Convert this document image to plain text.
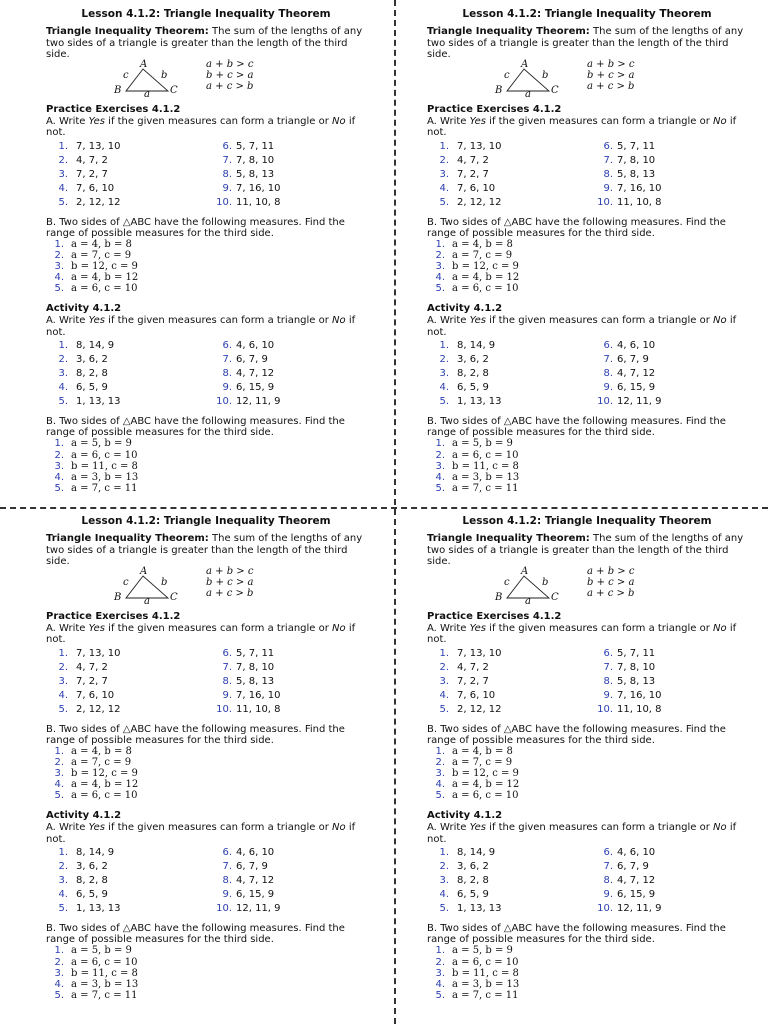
Lesson 4.1.2: Triangle Inequality Theorem
Triangle Inequality Theorem: The sum of the lengths of any two sides of a triangle is greater than the length of the third side.
A
B	C
a
b
c
a + b > c
b + c > a
a + c > b
Practice Exercises 4.1.2
A. Write Yes if the given measures can form a triangle or No if not.
1. 7, 13, 10
2. 4, 7, 2
3. 7, 2, 7
4. 7, 6, 10
5. 2, 12, 12
6. 5, 7, 11
7. 7, 8, 10
8. 5, 8, 13
9. 7, 16, 10
10. 11, 10, 8
B. Two sides of △ABC have the following measures. Find the range of possible measures for the third side.
1. a = 4, b = 8
2. a = 7, c = 9
3. b = 12, c = 9
4. a = 4, b = 12
5. a = 6, c = 10
Activity 4.1.2
A. Write Yes if the given measures can form a triangle or No if not.
1. 8, 14, 9
2. 3, 6, 2
3. 8, 2, 8
4. 6, 5, 9
5. 1, 13, 13
6. 4, 6, 10
7. 6, 7, 9
8. 4, 7, 12
9. 6, 15, 9
10. 12, 11, 9
B. Two sides of △ABC have the following measures. Find the range of possible measures for the third side.
1. a = 5, b = 9
2. a = 6, c = 10
3. b = 11, c = 8
4. a = 3, b = 13
5. a = 7, c = 11
Lesson 4.1.2: Triangle Inequality Theorem
Triangle Inequality Theorem: The sum of the lengths of any two sides of a triangle is greater than the length of the third side.
A
B	C
a
b
c
a + b > c
b + c > a
a + c > b
Practice Exercises 4.1.2
A. Write Yes if the given measures can form a triangle or No if not.
1. 7, 13, 10
2. 4, 7, 2
3. 7, 2, 7
4. 7, 6, 10
5. 2, 12, 12
6. 5, 7, 11
7. 7, 8, 10
8. 5, 8, 13
9. 7, 16, 10
10. 11, 10, 8
B. Two sides of △ABC have the following measures. Find the range of possible measures for the third side.
1. a = 4, b = 8
2. a = 7, c = 9
3. b = 12, c = 9
4. a = 4, b = 12
5. a = 6, c = 10
Activity 4.1.2
A. Write Yes if the given measures can form a triangle or No if not.
1. 8, 14, 9
2. 3, 6, 2
3. 8, 2, 8
4. 6, 5, 9
5. 1, 13, 13
6. 4, 6, 10
7. 6, 7, 9
8. 4, 7, 12
9. 6, 15, 9
10. 12, 11, 9
B. Two sides of △ABC have the following measures. Find the range of possible measures for the third side.
1. a = 5, b = 9
2. a = 6, c = 10
3. b = 11, c = 8
4. a = 3, b = 13
5. a = 7, c = 11
Lesson 4.1.2: Triangle Inequality Theorem
Triangle Inequality Theorem: The sum of the lengths of any two sides of a triangle is greater than the length of the third side.
A
B	C
a
b
c
a + b > c
b + c > a
a + c > b
Practice Exercises 4.1.2
A. Write Yes if the given measures can form a triangle or No if not.
1. 7, 13, 10
2. 4, 7, 2
3. 7, 2, 7
4. 7, 6, 10
5. 2, 12, 12
6. 5, 7, 11
7. 7, 8, 10
8. 5, 8, 13
9. 7, 16, 10
10. 11, 10, 8
B. Two sides of △ABC have the following measures. Find the range of possible measures for the third side.
1. a = 4, b = 8
2. a = 7, c = 9
3. b = 12, c = 9
4. a = 4, b = 12
5. a = 6, c = 10
Activity 4.1.2
A. Write Yes if the given measures can form a triangle or No if not.
1. 8, 14, 9
2. 3, 6, 2
3. 8, 2, 8
4. 6, 5, 9
5. 1, 13, 13
6. 4, 6, 10
7. 6, 7, 9
8. 4, 7, 12
9. 6, 15, 9
10. 12, 11, 9
B. Two sides of △ABC have the following measures. Find the range of possible measures for the third side.
1. a = 5, b = 9
2. a = 6, c = 10
3. b = 11, c = 8
4. a = 3, b = 13
5. a = 7, c = 11
Lesson 4.1.2: Triangle Inequality Theorem
Triangle Inequality Theorem: The sum of the lengths of any two sides of a triangle is greater than the length of the third side.
A
B	C
a
b
c
a + b > c
b + c > a
a + c > b
Practice Exercises 4.1.2
A. Write Yes if the given measures can form a triangle or No if not.
1. 7, 13, 10
2. 4, 7, 2
3. 7, 2, 7
4. 7, 6, 10
5. 2, 12, 12
6. 5, 7, 11
7. 7, 8, 10
8. 5, 8, 13
9. 7, 16, 10
10. 11, 10, 8
B. Two sides of △ABC have the following measures. Find the range of possible measures for the third side.
1. a = 4, b = 8
2. a = 7, c = 9
3. b = 12, c = 9
4. a = 4, b = 12
5. a = 6, c = 10
Activity 4.1.2
A. Write Yes if the given measures can form a triangle or No if not.
1. 8, 14, 9
2. 3, 6, 2
3. 8, 2, 8
4. 6, 5, 9
5. 1, 13, 13
6. 4, 6, 10
7. 6, 7, 9
8. 4, 7, 12
9. 6, 15, 9
10. 12, 11, 9
B. Two sides of △ABC have the following measures. Find the range of possible measures for the third side.
1. a = 5, b = 9
2. a = 6, c = 10
3. b = 11, c = 8
4. a = 3, b = 13
5. a = 7, c = 11
